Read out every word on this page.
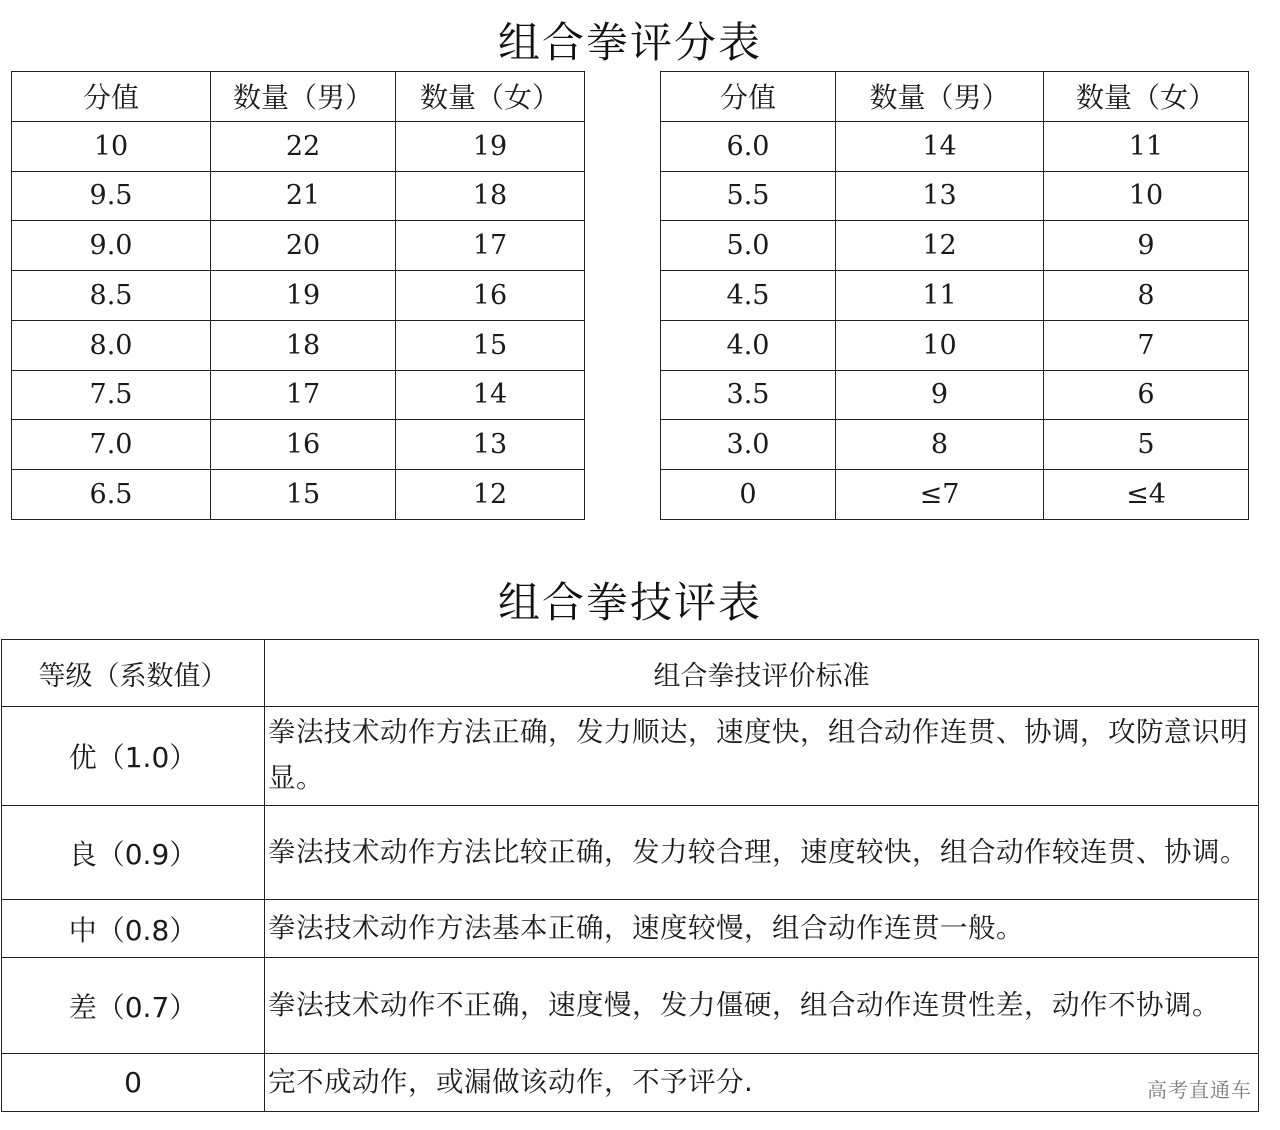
组合拳评分表
分值	数量（男）	数量（女）		分值	数量（男）	数量（女）
10	22	19		6.0	14	11
9.5	21	18		5.5	13	10
9.0	20	17		5.0	12	9
8.5	19	16		4.5	11	8
8.0	18	15		4.0	10	7
7.5	17	14		3.5	9	6
7.0	16	13		3.0	8	5
6.5	15	12		0	≤7	≤4
组合拳技评表
等级（系数值）	组合拳技评价标准
优（1.0）	拳法技术动作方法正确，发力顺达，速度快，组合动作连贯、协调，攻防意识明显。
良（0.9）	拳法技术动作方法比较正确，发力较合理，速度较快，组合动作较连贯、协调。
中（0.8）	拳法技术动作方法基本正确，速度较慢，组合动作连贯一般。
差（0.7）	拳法技术动作不正确，速度慢，发力僵硬，组合动作连贯性差，动作不协调。
0	完不成动作，或漏做该动作，不予评分.	高考直通车
